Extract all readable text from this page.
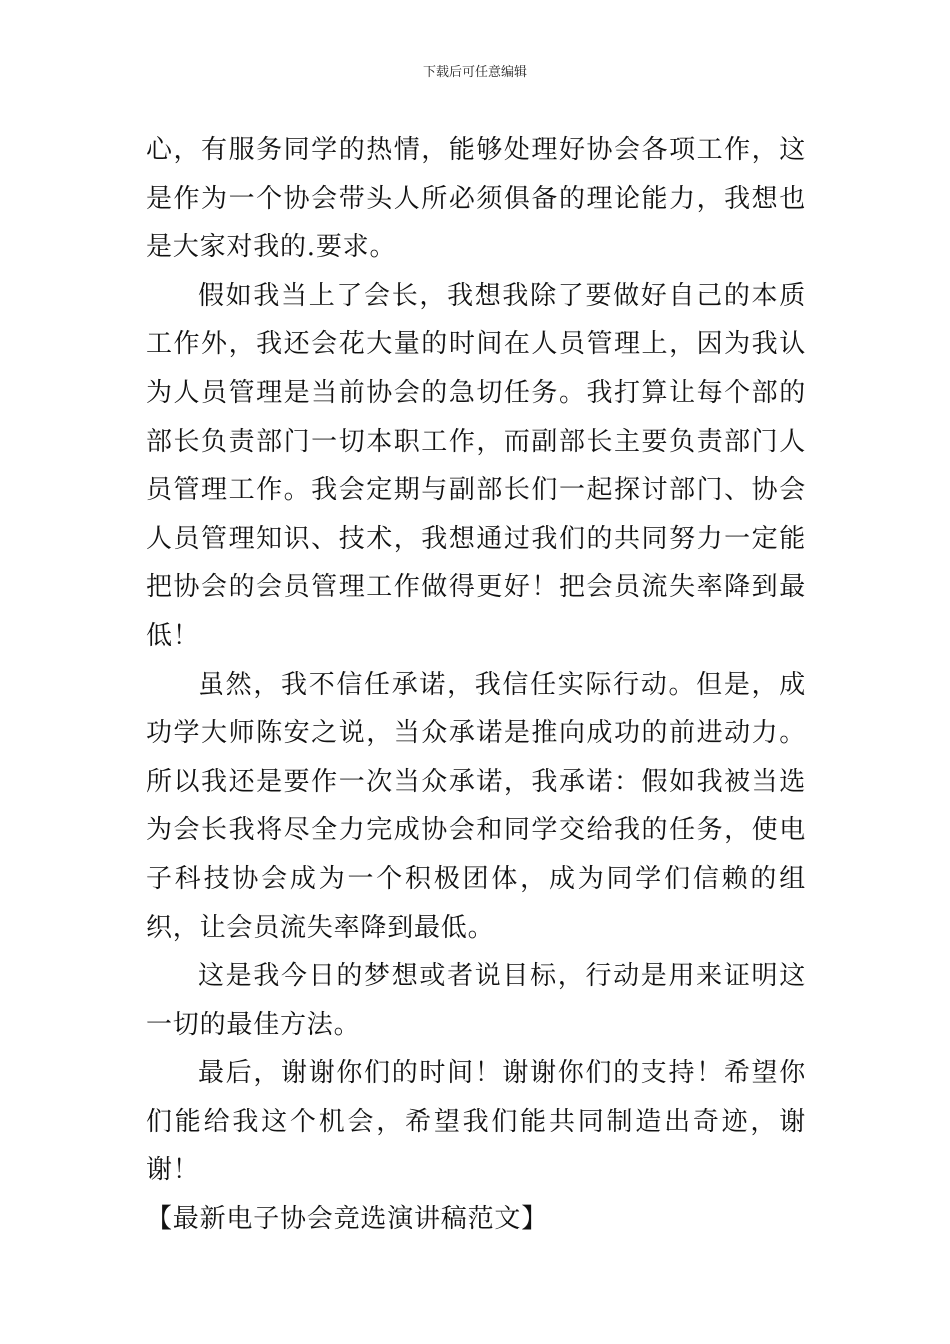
下载后可任意编辑

心，有服务同学的热情，能够处理好协会各项工作，这是作为一个协会带头人所必须俱备的理论能力，我想也是大家对我的.要求。

假如我当上了会长，我想我除了要做好自己的本质工作外，我还会花大量的时间在人员管理上，因为我认为人员管理是当前协会的急切任务。我打算让每个部的部长负责部门一切本职工作，而副部长主要负责部门人员管理工作。我会定期与副部长们一起探讨部门、协会人员管理知识、技术，我想通过我们的共同努力一定能把协会的会员管理工作做得更好！把会员流失率降到最低！

虽然，我不信任承诺，我信任实际行动。但是，成功学大师陈安之说，当众承诺是推向成功的前进动力。所以我还是要作一次当众承诺，我承诺：假如我被当选为会长我将尽全力完成协会和同学交给我的任务，使电子科技协会成为一个积极团体，成为同学们信赖的组织，让会员流失率降到最低。

这是我今日的梦想或者说目标，行动是用来证明这一切的最佳方法。

最后，谢谢你们的时间！谢谢你们的支持！希望你们能给我这个机会，希望我们能共同制造出奇迹，谢谢！

【最新电子协会竞选演讲稿范文】
